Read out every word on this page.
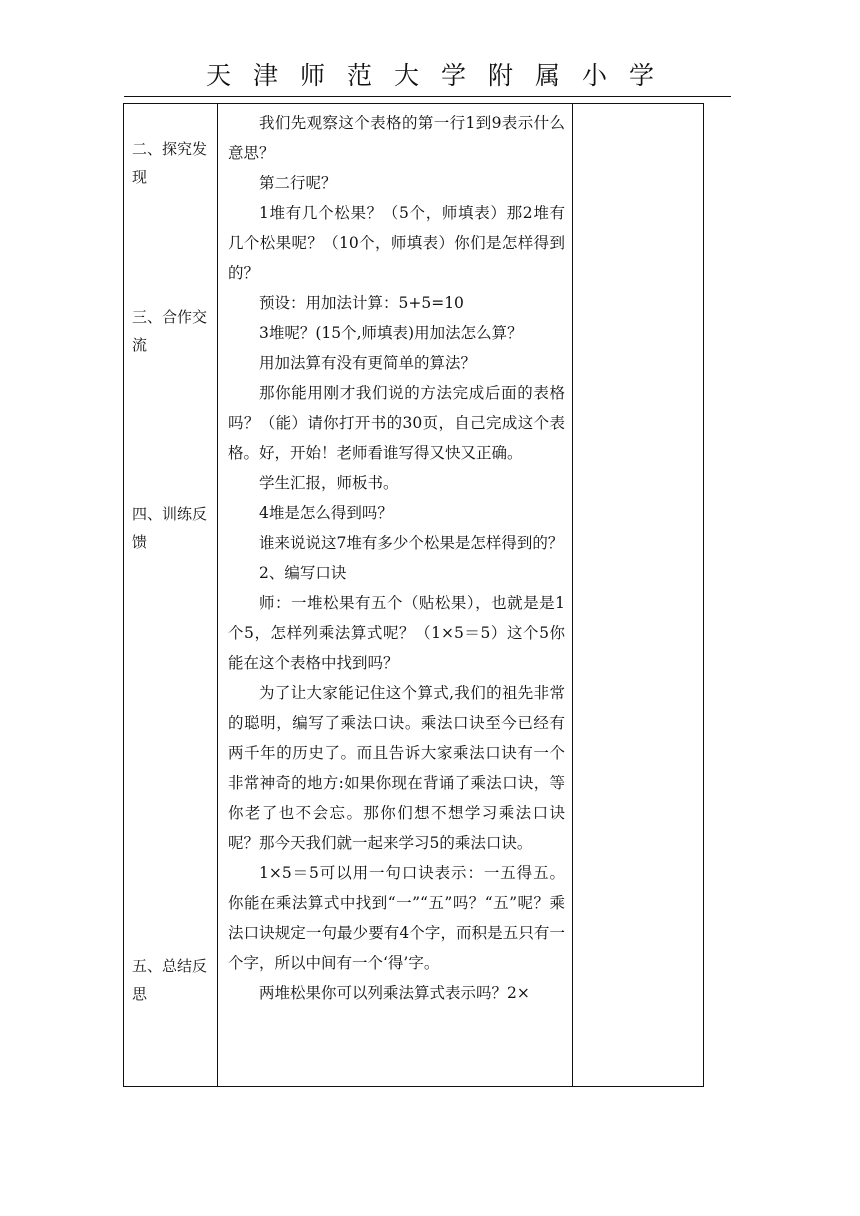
天津师范大学附属小学
二、探究发现
三、合作交流
四、训练反馈
五、总结反思

我们先观察这个表格的第一行1到9表示什么意思？

第二行呢？

1堆有几个松果？（5个，师填表）那2堆有几个松果呢？（10个，师填表）你们是怎样得到的？

预设：用加法计算：5+5=10

3堆呢？(15个,师填表)用加法怎么算？

用加法算有没有更简单的算法？

那你能用刚才我们说的方法完成后面的表格吗？（能）请你打开书的30页，自己完成这个表格。好，开始！老师看谁写得又快又正确。

学生汇报，师板书。

4堆是怎么得到吗？

谁来说说这7堆有多少个松果是怎样得到的？

2、编写口诀

师：一堆松果有五个（贴松果），也就是是1个5，怎样列乘法算式呢？（1×5＝5）这个5你能在这个表格中找到吗？

为了让大家能记住这个算式,我们的祖先非常的聪明，编写了乘法口诀。乘法口诀至今已经有两千年的历史了。而且告诉大家乘法口诀有一个非常神奇的地方:如果你现在背诵了乘法口诀，等你老了也不会忘。那你们想不想学习乘法口诀呢？那今天我们就一起来学习5的乘法口诀。

1×5＝5可以用一句口诀表示：一五得五。你能在乘法算式中找到“一”“五”吗？“五”呢？乘法口诀规定一句最少要有4个字，而积是五只有一个字，所以中间有一个‘得’字。

两堆松果你可以列乘法算式表示吗？2×
